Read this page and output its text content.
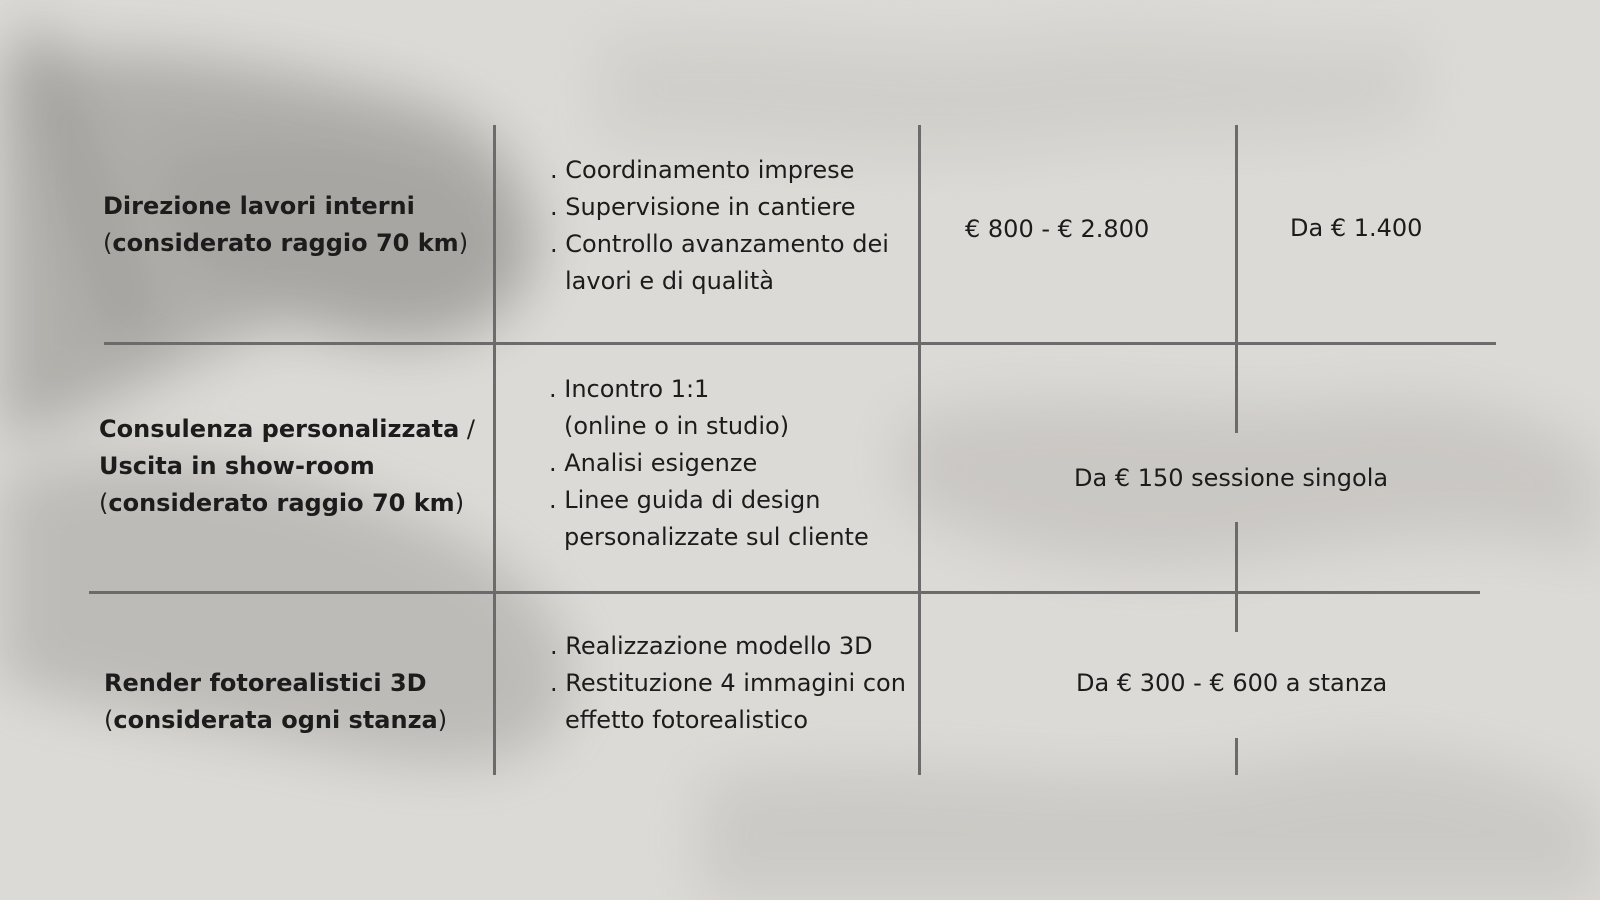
Direzione lavori interni
(considerato raggio 70 km)
. Coordinamento imprese
. Supervisione in cantiere
. Controllo avanzamento dei
lavori e di qualità
€ 800 - € 2.800	Da € 1.400
Consulenza personalizzata /
Uscita in show-room
(considerato raggio 70 km)
. Incontro 1:1
(online o in studio)
. Analisi esigenze
. Linee guida di design
personalizzate sul cliente
Da € 150 sessione singola
Render fotorealistici 3D
(considerata ogni stanza)
. Realizzazione modello 3D
. Restituzione 4 immagini con
effetto fotorealistico
Da € 300 - € 600 a stanza
